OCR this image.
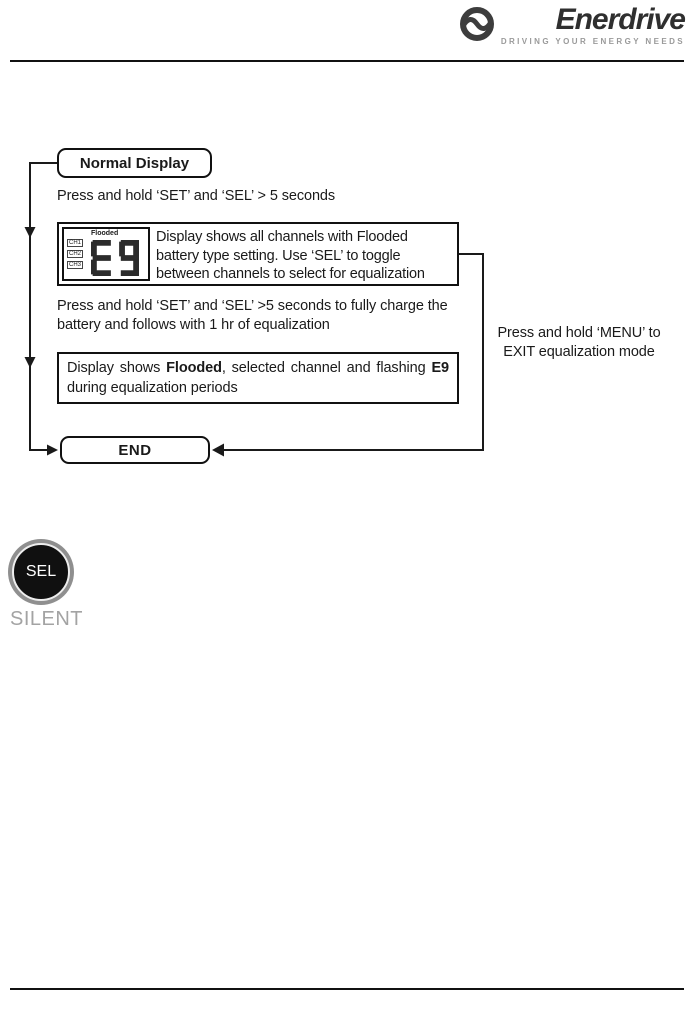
Enerdrive
DRIVING YOUR ENERGY NEEDS
Normal Display
Press and hold ‘SET’ and ‘SEL’ > 5 seconds
Flooded
CH1
CH2
CH3
Display shows all channels with Flooded battery type setting. Use ‘SEL’ to toggle between channels to select for equalization
Press and hold ‘SET’ and ‘SEL’ >5 seconds to fully charge the battery and follows with 1 hr of equalization
Display shows Flooded, selected channel and flashing E9 during equalization periods
Press and hold ‘MENU’ to EXIT equalization mode
END
SEL
SILENT
